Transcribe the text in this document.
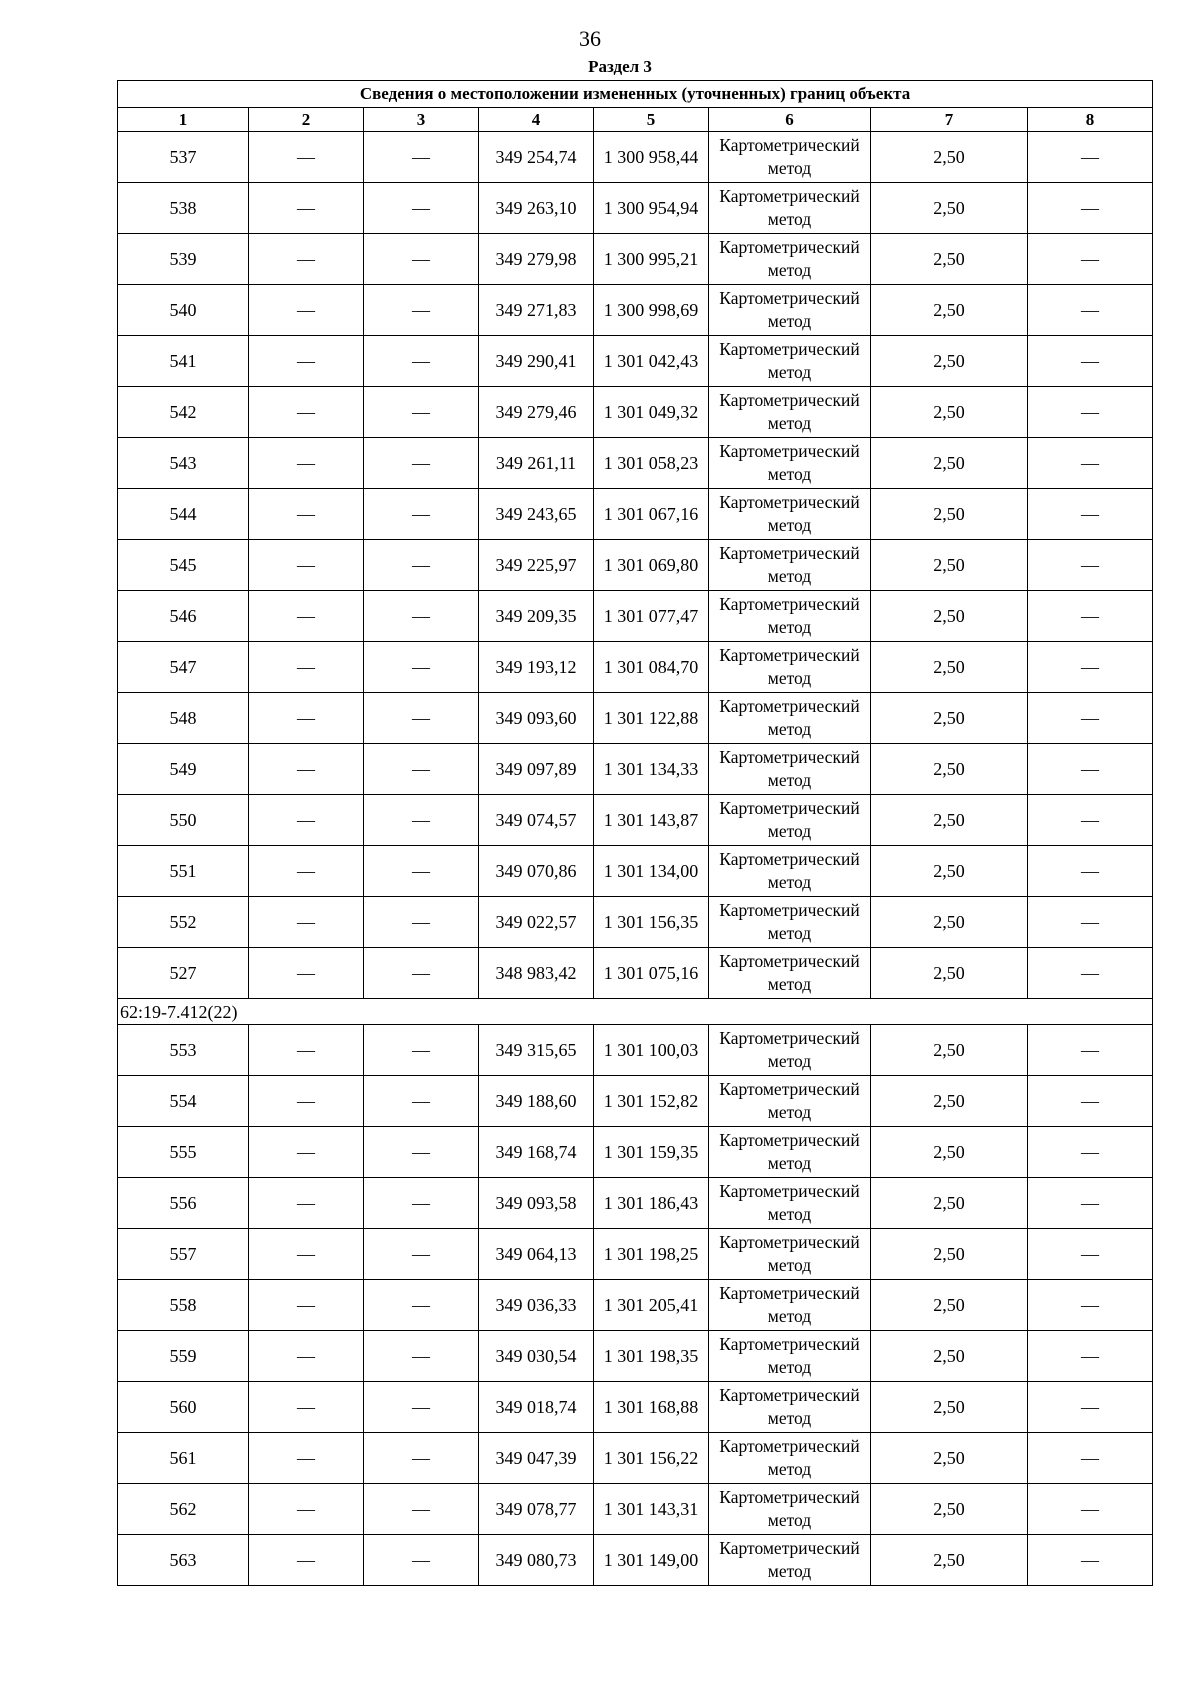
36
Раздел 3
Сведения о местоположении измененных (уточненных) границ объекта							
1	2	3	4	5	6	7	8
537	—	—	349 254,74	1 300 958,44	Картометрический метод	2,50	—
538	—	—	349 263,10	1 300 954,94	Картометрический метод	2,50	—
539	—	—	349 279,98	1 300 995,21	Картометрический метод	2,50	—
540	—	—	349 271,83	1 300 998,69	Картометрический метод	2,50	—
541	—	—	349 290,41	1 301 042,43	Картометрический метод	2,50	—
542	—	—	349 279,46	1 301 049,32	Картометрический метод	2,50	—
543	—	—	349 261,11	1 301 058,23	Картометрический метод	2,50	—
544	—	—	349 243,65	1 301 067,16	Картометрический метод	2,50	—
545	—	—	349 225,97	1 301 069,80	Картометрический метод	2,50	—
546	—	—	349 209,35	1 301 077,47	Картометрический метод	2,50	—
547	—	—	349 193,12	1 301 084,70	Картометрический метод	2,50	—
548	—	—	349 093,60	1 301 122,88	Картометрический метод	2,50	—
549	—	—	349 097,89	1 301 134,33	Картометрический метод	2,50	—
550	—	—	349 074,57	1 301 143,87	Картометрический метод	2,50	—
551	—	—	349 070,86	1 301 134,00	Картометрический метод	2,50	—
552	—	—	349 022,57	1 301 156,35	Картометрический метод	2,50	—
527	—	—	348 983,42	1 301 075,16	Картометрический метод	2,50	—
62:19-7.412(22)							
553	—	—	349 315,65	1 301 100,03	Картометрический метод	2,50	—
554	—	—	349 188,60	1 301 152,82	Картометрический метод	2,50	—
555	—	—	349 168,74	1 301 159,35	Картометрический метод	2,50	—
556	—	—	349 093,58	1 301 186,43	Картометрический метод	2,50	—
557	—	—	349 064,13	1 301 198,25	Картометрический метод	2,50	—
558	—	—	349 036,33	1 301 205,41	Картометрический метод	2,50	—
559	—	—	349 030,54	1 301 198,35	Картометрический метод	2,50	—
560	—	—	349 018,74	1 301 168,88	Картометрический метод	2,50	—
561	—	—	349 047,39	1 301 156,22	Картометрический метод	2,50	—
562	—	—	349 078,77	1 301 143,31	Картометрический метод	2,50	—
563	—	—	349 080,73	1 301 149,00	Картометрический метод	2,50	—
